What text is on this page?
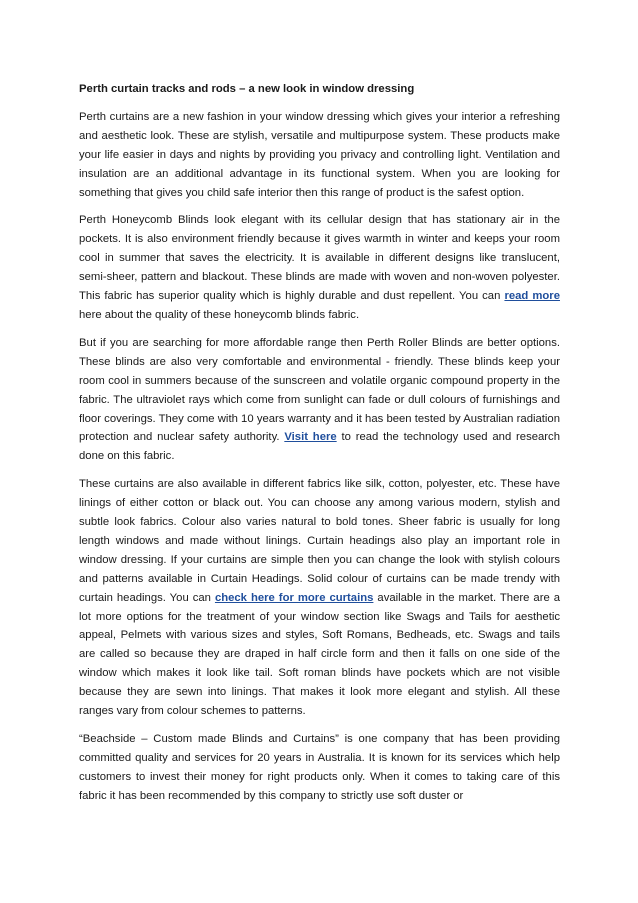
Perth curtain tracks and rods – a new look in window dressing

Perth curtains are a new fashion in your window dressing which gives your interior a refreshing and aesthetic look. These are stylish, versatile and multipurpose system. These products make your life easier in days and nights by providing you privacy and controlling light. Ventilation and insulation are an additional advantage in its functional system. When you are looking for something that gives you child safe interior then this range of product is the safest option.

Perth Honeycomb Blinds look elegant with its cellular design that has stationary air in the pockets. It is also environment friendly because it gives warmth in winter and keeps your room cool in summer that saves the electricity. It is available in different designs like translucent, semi-sheer, pattern and blackout. These blinds are made with woven and non-woven polyester. This fabric has superior quality which is highly durable and dust repellent. You can read more here about the quality of these honeycomb blinds fabric.

But if you are searching for more affordable range then Perth Roller Blinds are better options. These blinds are also very comfortable and environmental - friendly. These blinds keep your room cool in summers because of the sunscreen and volatile organic compound property in the fabric. The ultraviolet rays which come from sunlight can fade or dull colours of furnishings and floor coverings. They come with 10 years warranty and it has been tested by Australian radiation protection and nuclear safety authority. Visit here to read the technology used and research done on this fabric.

These curtains are also available in different fabrics like silk, cotton, polyester, etc. These have linings of either cotton or black out. You can choose any among various modern, stylish and subtle look fabrics. Colour also varies natural to bold tones. Sheer fabric is usually for long length windows and made without linings. Curtain headings also play an important role in window dressing. If your curtains are simple then you can change the look with stylish colours and patterns available in Curtain Headings. Solid colour of curtains can be made trendy with curtain headings. You can check here for more curtains available in the market. There are a lot more options for the treatment of your window section like Swags and Tails for aesthetic appeal, Pelmets with various sizes and styles, Soft Romans, Bedheads, etc. Swags and tails are called so because they are draped in half circle form and then it falls on one side of the window which makes it look like tail. Soft roman blinds have pockets which are not visible because they are sewn into linings. That makes it look more elegant and stylish. All these ranges vary from colour schemes to patterns.

“Beachside – Custom made Blinds and Curtains” is one company that has been providing committed quality and services for 20 years in Australia. It is known for its services which help customers to invest their money for right products only. When it comes to taking care of this fabric it has been recommended by this company to strictly use soft duster or
